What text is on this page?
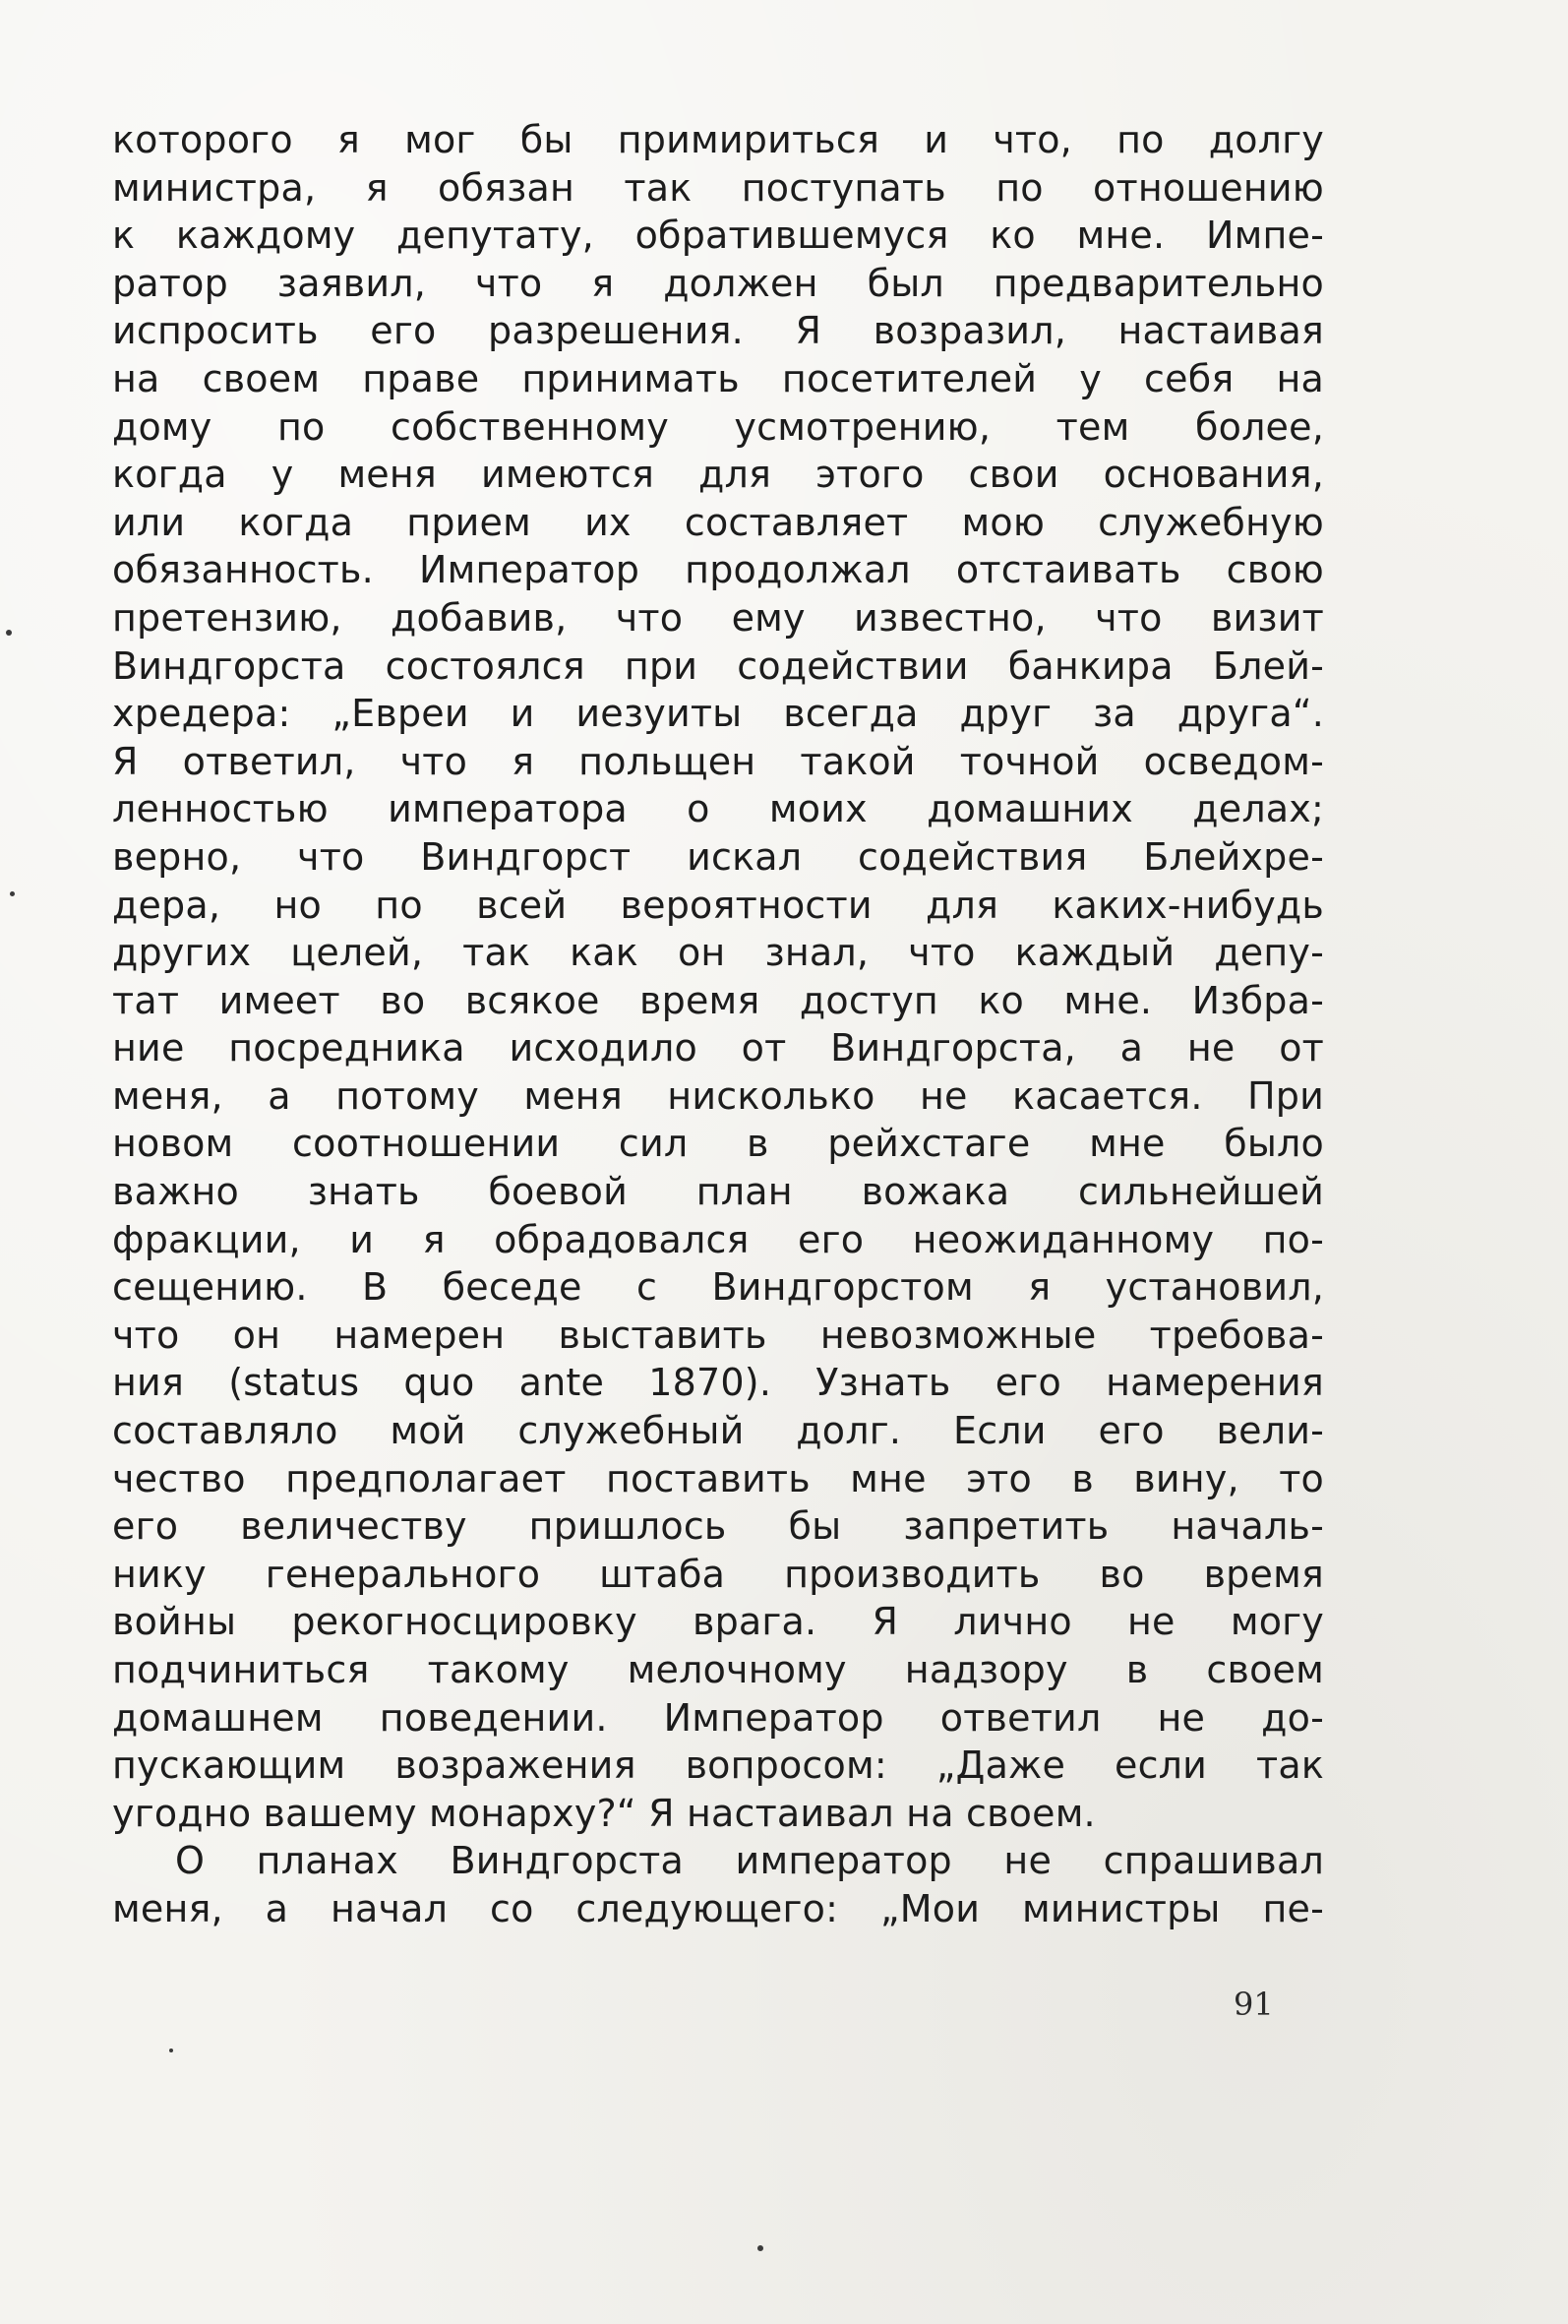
которого я мог бы примириться и что, по долгу
министра, я обязан так поступать по отношению
к каждому депутату, обратившемуся ко мне. Импе-
ратор заявил, что я должен был предварительно
испросить его разрешения. Я возразил, настаивая
на своем праве принимать посетителей у себя на
дому по собственному усмотрению, тем более,
когда у меня имеются для этого свои основания,
или когда прием их составляет мою служебную
обязанность. Император продолжал отстаивать свою
претензию, добавив, что ему известно, что визит
Виндгорста состоялся при содействии банкира Блей-
хредера: „Евреи и иезуиты всегда друг за друга“.
Я ответил, что я польщен такой точной осведом-
ленностью императора о моих домашних делах;
верно, что Виндгорст искал содействия Блейхре-
дера, но по всей вероятности для каких-нибудь
других целей, так как он знал, что каждый депу-
тат имеет во всякое время доступ ко мне. Избра-
ние посредника исходило от Виндгорста, а не от
меня, а потому меня нисколько не касается. При
новом соотношении сил в рейхстаге мне было
важно знать боевой план вожака сильнейшей
фракции, и я обрадовался его неожиданному по-
сещению. В беседе с Виндгорстом я установил,
что он намерен выставить невозможные требова-
ния (status quo ante 1870). Узнать его намерения
составляло мой служебный долг. Если его вели-
чество предполагает поставить мне это в вину, то
его величеству пришлось бы запретить началь-
нику генерального штаба производить во время
войны рекогносцировку врага. Я лично не могу
подчиниться такому мелочному надзору в своем
домашнем поведении. Император ответил не до-
пускающим возражения вопросом: „Даже если так
угодно вашему монарху?“ Я настаивал на своем.
О планах Виндгорста император не спрашивал
меня, а начал со следующего: „Мои министры пе-
91
